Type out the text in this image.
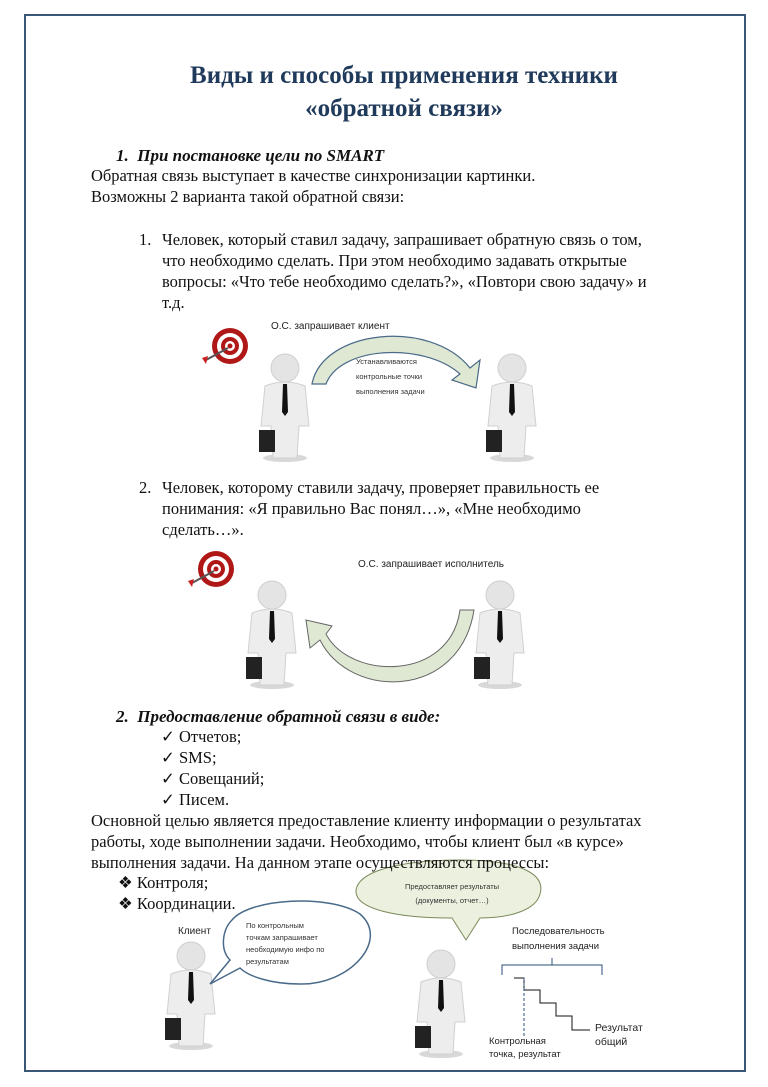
Виды и способы применения техники
«обратной связи»
1. При постановке цели по SMART
Обратная связь выступает в качестве синхронизации картинки.
Возможны 2 варианта такой обратной связи:
1. Человек, который ставил задачу, запрашивает обратную связь о том,
что необходимо сделать. При этом необходимо задавать открытые
вопросы: «Что тебе необходимо сделать?», «Повтори свою задачу» и
т.д.
О.С. запрашивает клиент
Устанавливаются
контрольные точки
выполнения задачи
О.С. запрашивает исполнитель
Клиент
По контрольным
точкам запрашивает
необходимую инфо по
результатам
Предоставляет результаты
(документы, отчет…)
Последовательность
выполнения задачи
Контрольная
точка, результат
Результат
общий
2. Человек, которому ставили задачу, проверяет правильность ее
понимания: «Я правильно Вас понял…», «Мне необходимо
сделать…».
2. Предоставление обратной связи в виде:
✓ Отчетов;
✓ SMS;
✓ Совещаний;
✓ Писем.
Основной целью является предоставление клиенту информации о результатах
работы, ходе выполнении задачи. Необходимо, чтобы клиент был «в курсе»
выполнения задачи. На данном этапе осуществляются процессы:
❖ Контроля;
❖ Координации.
